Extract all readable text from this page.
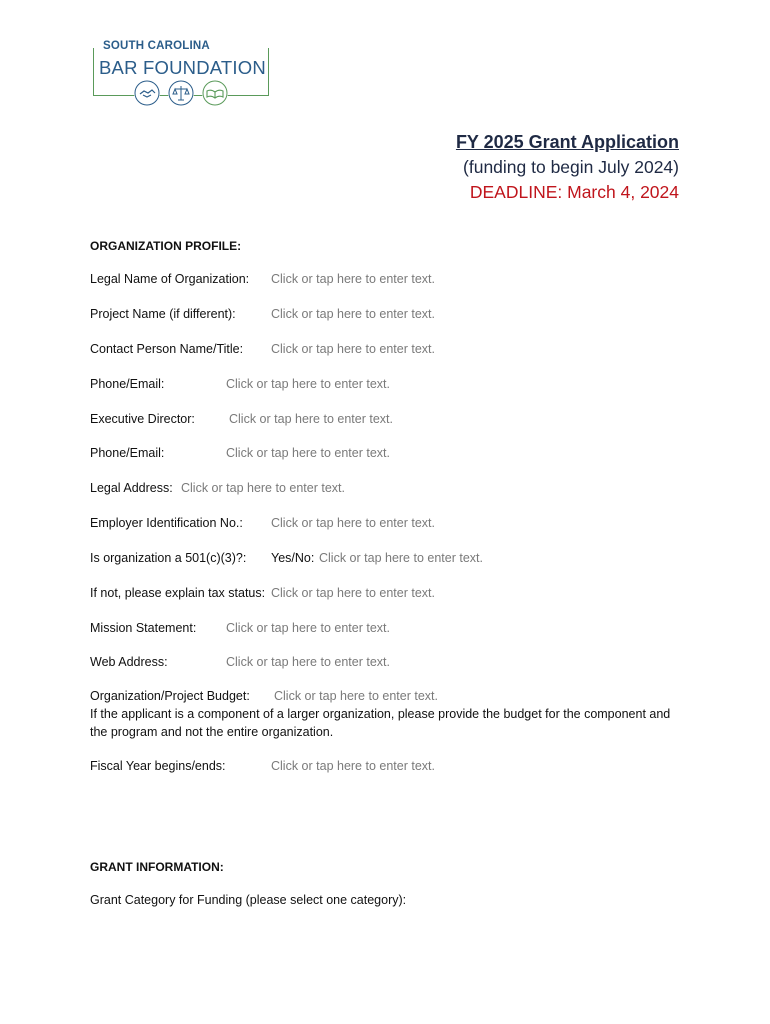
SOUTH CAROLINA
BAR FOUNDATION
FY 2025 Grant Application
(funding to begin July 2024)
DEADLINE: March 4, 2024
ORGANIZATION PROFILE:
Legal Name of Organization: Click or tap here to enter text.
Project Name (if different):	Click or tap here to enter text.
Contact Person Name/Title: Click or tap here to enter text.
Phone/Email:	Click or tap here to enter text.
Executive Director:	Click or tap here to enter text.
Phone/Email:	Click or tap here to enter text.
Legal Address: Click or tap here to enter text.
Employer Identification No.: Click or tap here to enter text.
Is organization a 501(c)(3)?: Yes/No: Click or tap here to enter text.
If not, please explain tax status: Click or tap here to enter text.
Mission Statement: Click or tap here to enter text.
Web Address:	Click or tap here to enter text.
Organization/Project Budget: Click or tap here to enter text.
If the applicant is a component of a larger organization, please provide the budget for the component and the program and not the entire organization.
Fiscal Year begins/ends:	Click or tap here to enter text.
GRANT INFORMATION:
Grant Category for Funding (please select one category):
